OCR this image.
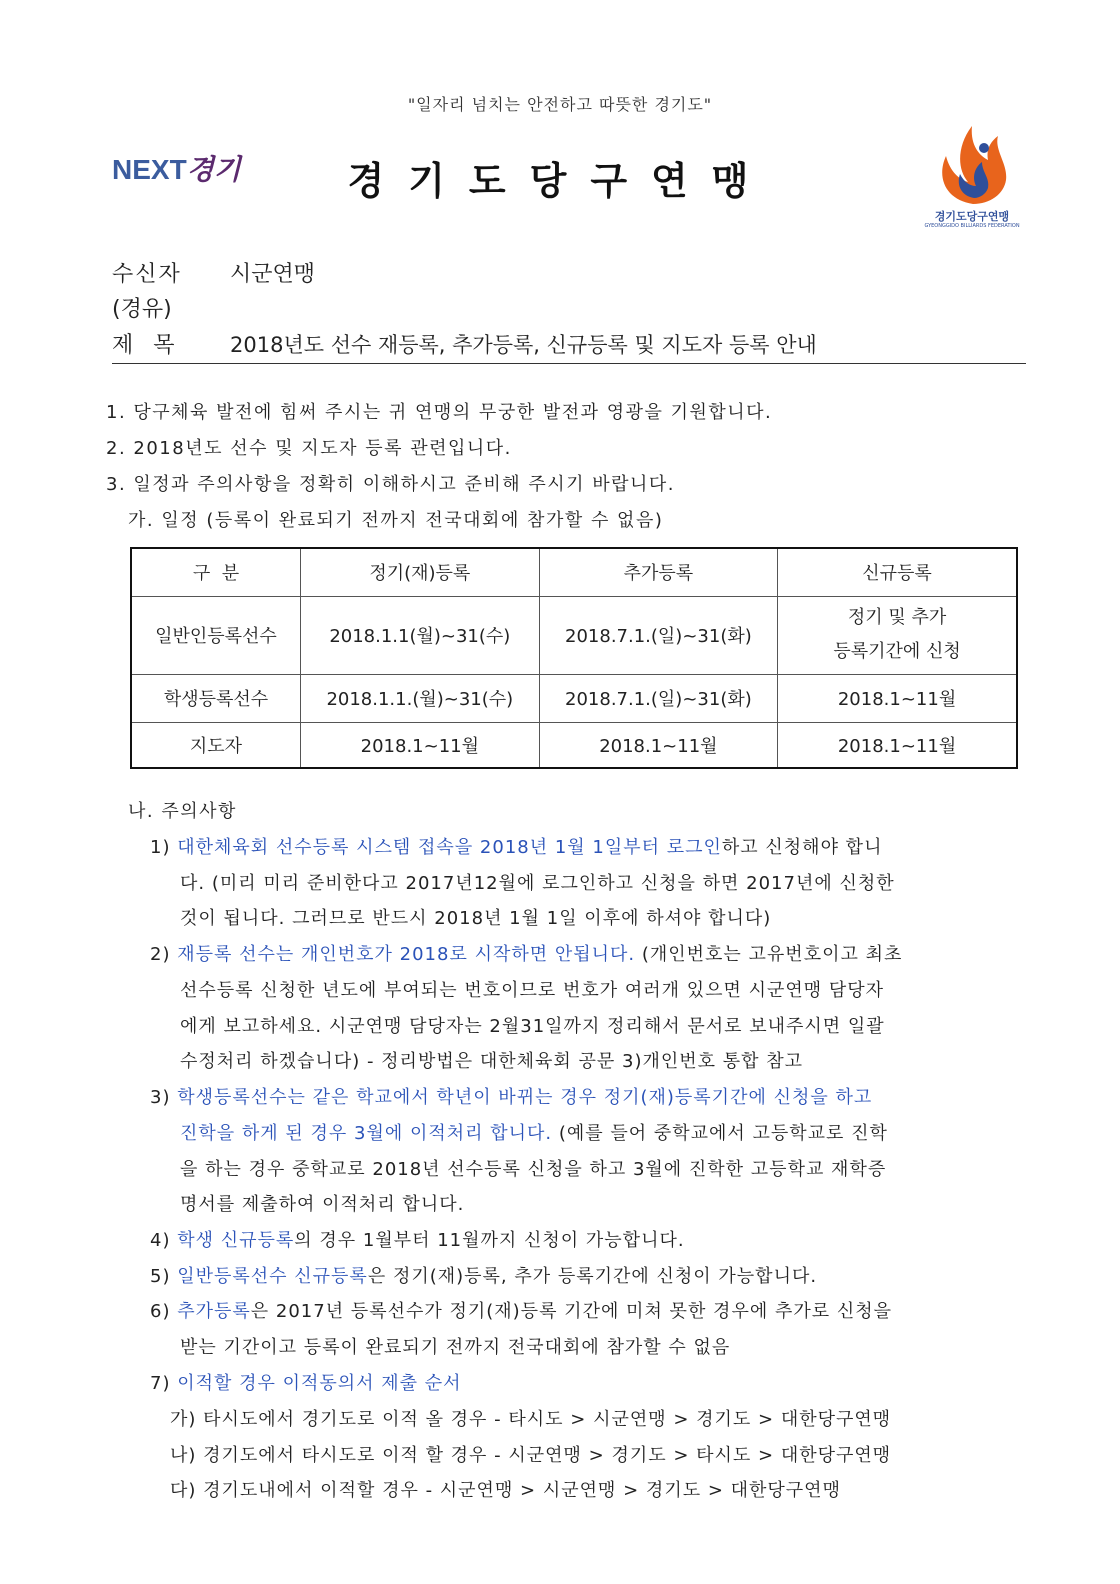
"일자리 넘치는 안전하고 따뜻한 경기도"
NEXT경기	경기도당구연맹
경기도당구연맹
GYEONGGIDO BILLIARDS FEDERATION
수신자 시군연맹
(경유)
제  목	2018년도 선수 재등록, 추가등록, 신규등록 및 지도자 등록 안내
1. 당구체육 발전에 힘써 주시는 귀 연맹의 무궁한 발전과 영광을 기원합니다.
2. 2018년도 선수 및 지도자 등록 관련입니다.
3. 일정과 주의사항을 정확히 이해하시고 준비해 주시기 바랍니다.
가. 일정 (등록이 완료되기 전까지 전국대회에 참가할 수 없음)
구  분	정기(재)등록	추가등록	신규등록
일반인등록선수	2018.1.1(월)~31(수)	2018.7.1.(일)~31(화)	정기 및 추가
등록기간에 신청

학생등록선수	2018.1.1.(월)~31(수)	2018.7.1.(일)~31(화)	2018.1~11월
지도자	2018.1~11월	2018.1~11월	2018.1~11월
나. 주의사항
1) 대한체육회 선수등록 시스템 접속을 2018년 1월 1일부터 로그인하고 신청해야 합니
다. (미리 미리 준비한다고 2017년12월에 로그인하고 신청을 하면 2017년에 신청한
것이 됩니다. 그러므로 반드시 2018년 1월 1일 이후에 하셔야 합니다)
2) 재등록 선수는 개인번호가 2018로 시작하면 안됩니다. (개인번호는 고유번호이고 최초
선수등록 신청한 년도에 부여되는 번호이므로 번호가 여러개 있으면 시군연맹 담당자
에게 보고하세요. 시군연맹 담당자는 2월31일까지 정리해서 문서로 보내주시면 일괄
수정처리 하겠습니다) - 정리방법은 대한체육회 공문 3)개인번호 통합 참고
3) 학생등록선수는 같은 학교에서 학년이 바뀌는 경우 정기(재)등록기간에 신청을 하고
진학을 하게 된 경우 3월에 이적처리 합니다. (예를 들어 중학교에서 고등학교로 진학
을 하는 경우 중학교로 2018년 선수등록 신청을 하고 3월에 진학한 고등학교 재학증
명서를 제출하여 이적처리 합니다.
4) 학생 신규등록의 경우 1월부터 11월까지 신청이 가능합니다.
5) 일반등록선수 신규등록은 정기(재)등록, 추가 등록기간에 신청이 가능합니다.
6) 추가등록은 2017년 등록선수가 정기(재)등록 기간에 미쳐 못한 경우에 추가로 신청을
받는 기간이고 등록이 완료되기 전까지 전국대회에 참가할 수 없음
7) 이적할 경우 이적동의서 제출 순서
가) 타시도에서 경기도로 이적 올 경우 - 타시도 > 시군연맹 > 경기도 > 대한당구연맹
나) 경기도에서 타시도로 이적 할 경우 - 시군연맹 > 경기도 > 타시도 > 대한당구연맹
다) 경기도내에서 이적할 경우 - 시군연맹 > 시군연맹 > 경기도 > 대한당구연맹
